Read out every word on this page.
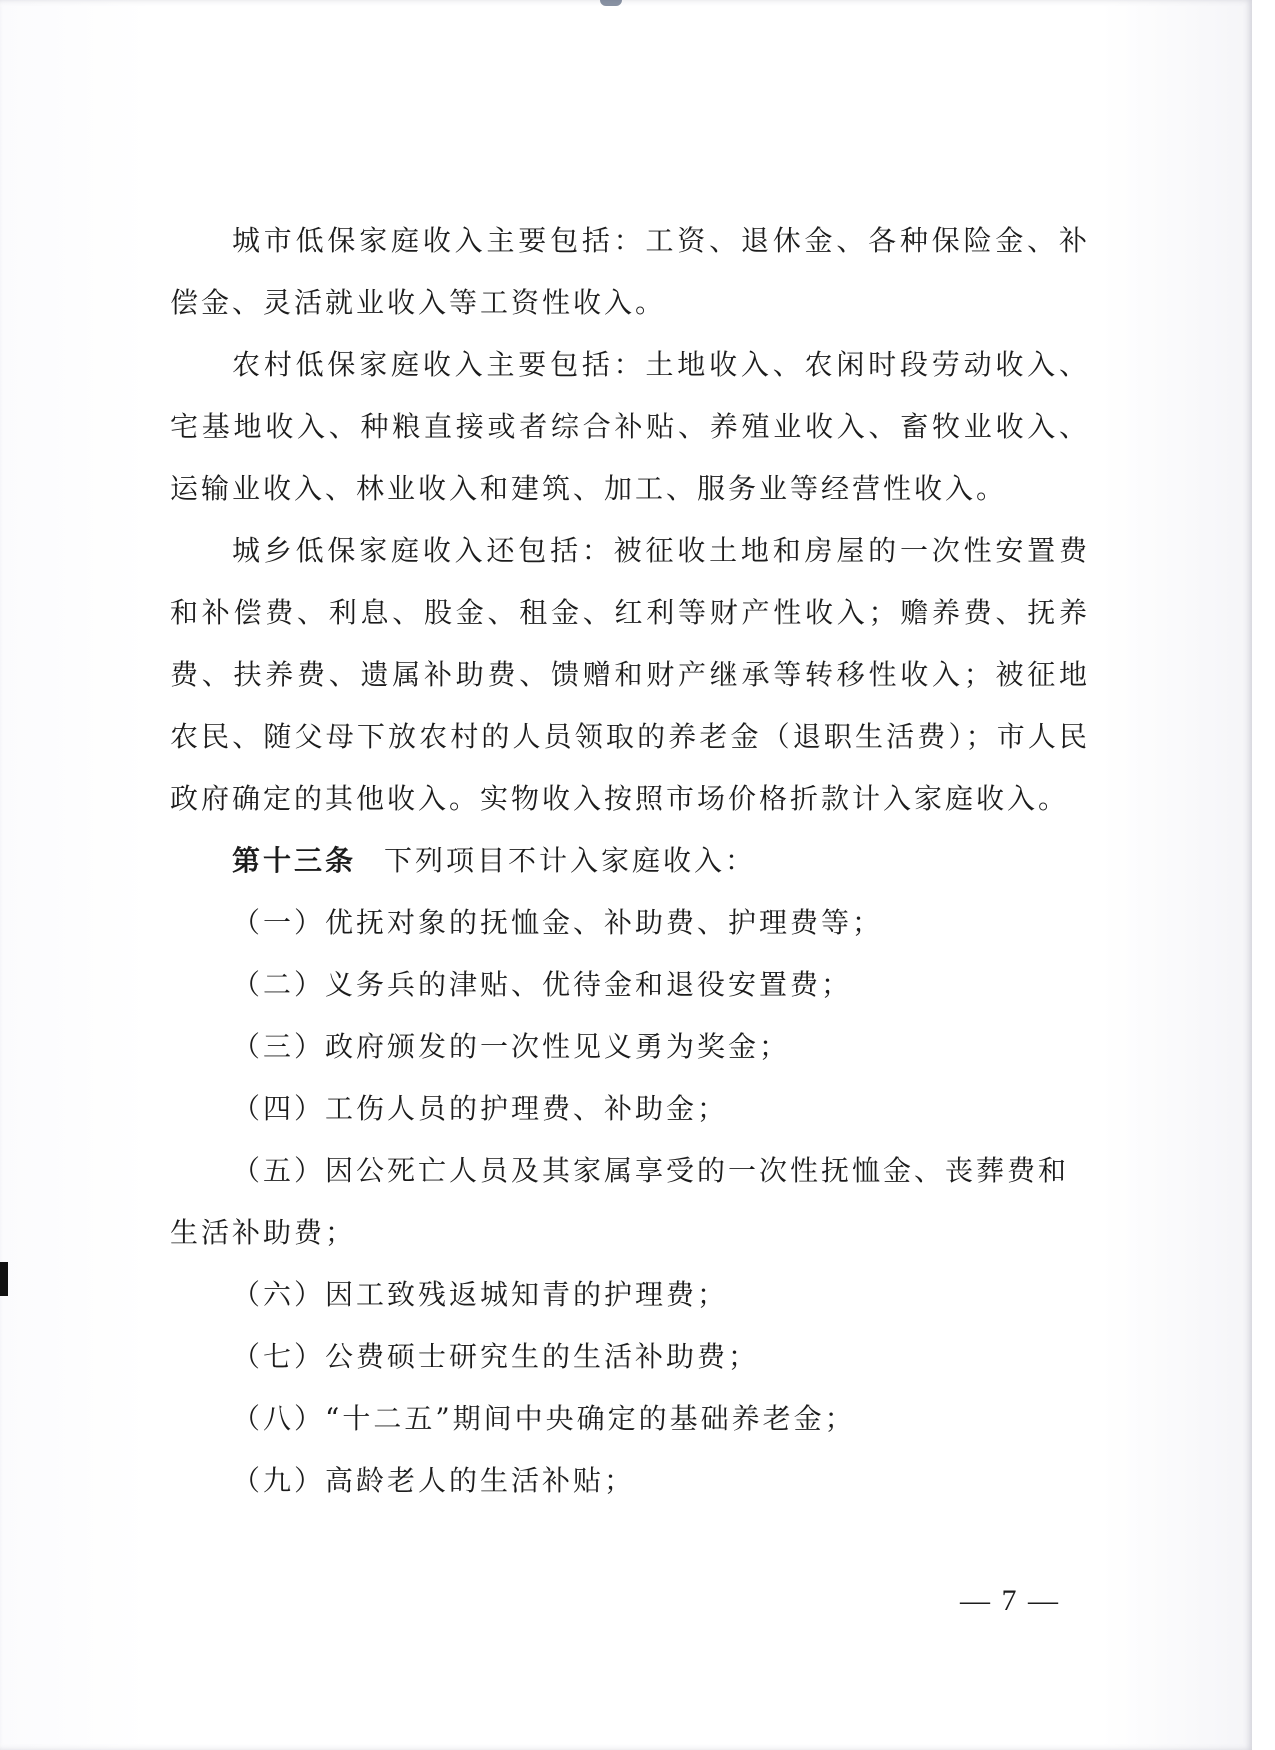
城市低保家庭收入主要包括：工资、退休金、各种保险金、补偿金、灵活就业收入等工资性收入。

农村低保家庭收入主要包括：土地收入、农闲时段劳动收入、宅基地收入、种粮直接或者综合补贴、养殖业收入、畜牧业收入、运输业收入、林业收入和建筑、加工、服务业等经营性收入。

城乡低保家庭收入还包括：被征收土地和房屋的一次性安置费和补偿费、利息、股金、租金、红利等财产性收入；赡养费、抚养费、扶养费、遗属补助费、馈赠和财产继承等转移性收入；被征地农民、随父母下放农村的人员领取的养老金（退职生活费）；市人民政府确定的其他收入。实物收入按照市场价格折款计入家庭收入。

第十三条 下列项目不计入家庭收入：

（一）优抚对象的抚恤金、补助费、护理费等；

（二）义务兵的津贴、优待金和退役安置费；

（三）政府颁发的一次性见义勇为奖金；

（四）工伤人员的护理费、补助金；

（五）因公死亡人员及其家属享受的一次性抚恤金、丧葬费和生活补助费；

（六）因工致残返城知青的护理费；

（七）公费硕士研究生的生活补助费；

（八）“十二五”期间中央确定的基础养老金；

（九）高龄老人的生活补贴；

— 7 —
